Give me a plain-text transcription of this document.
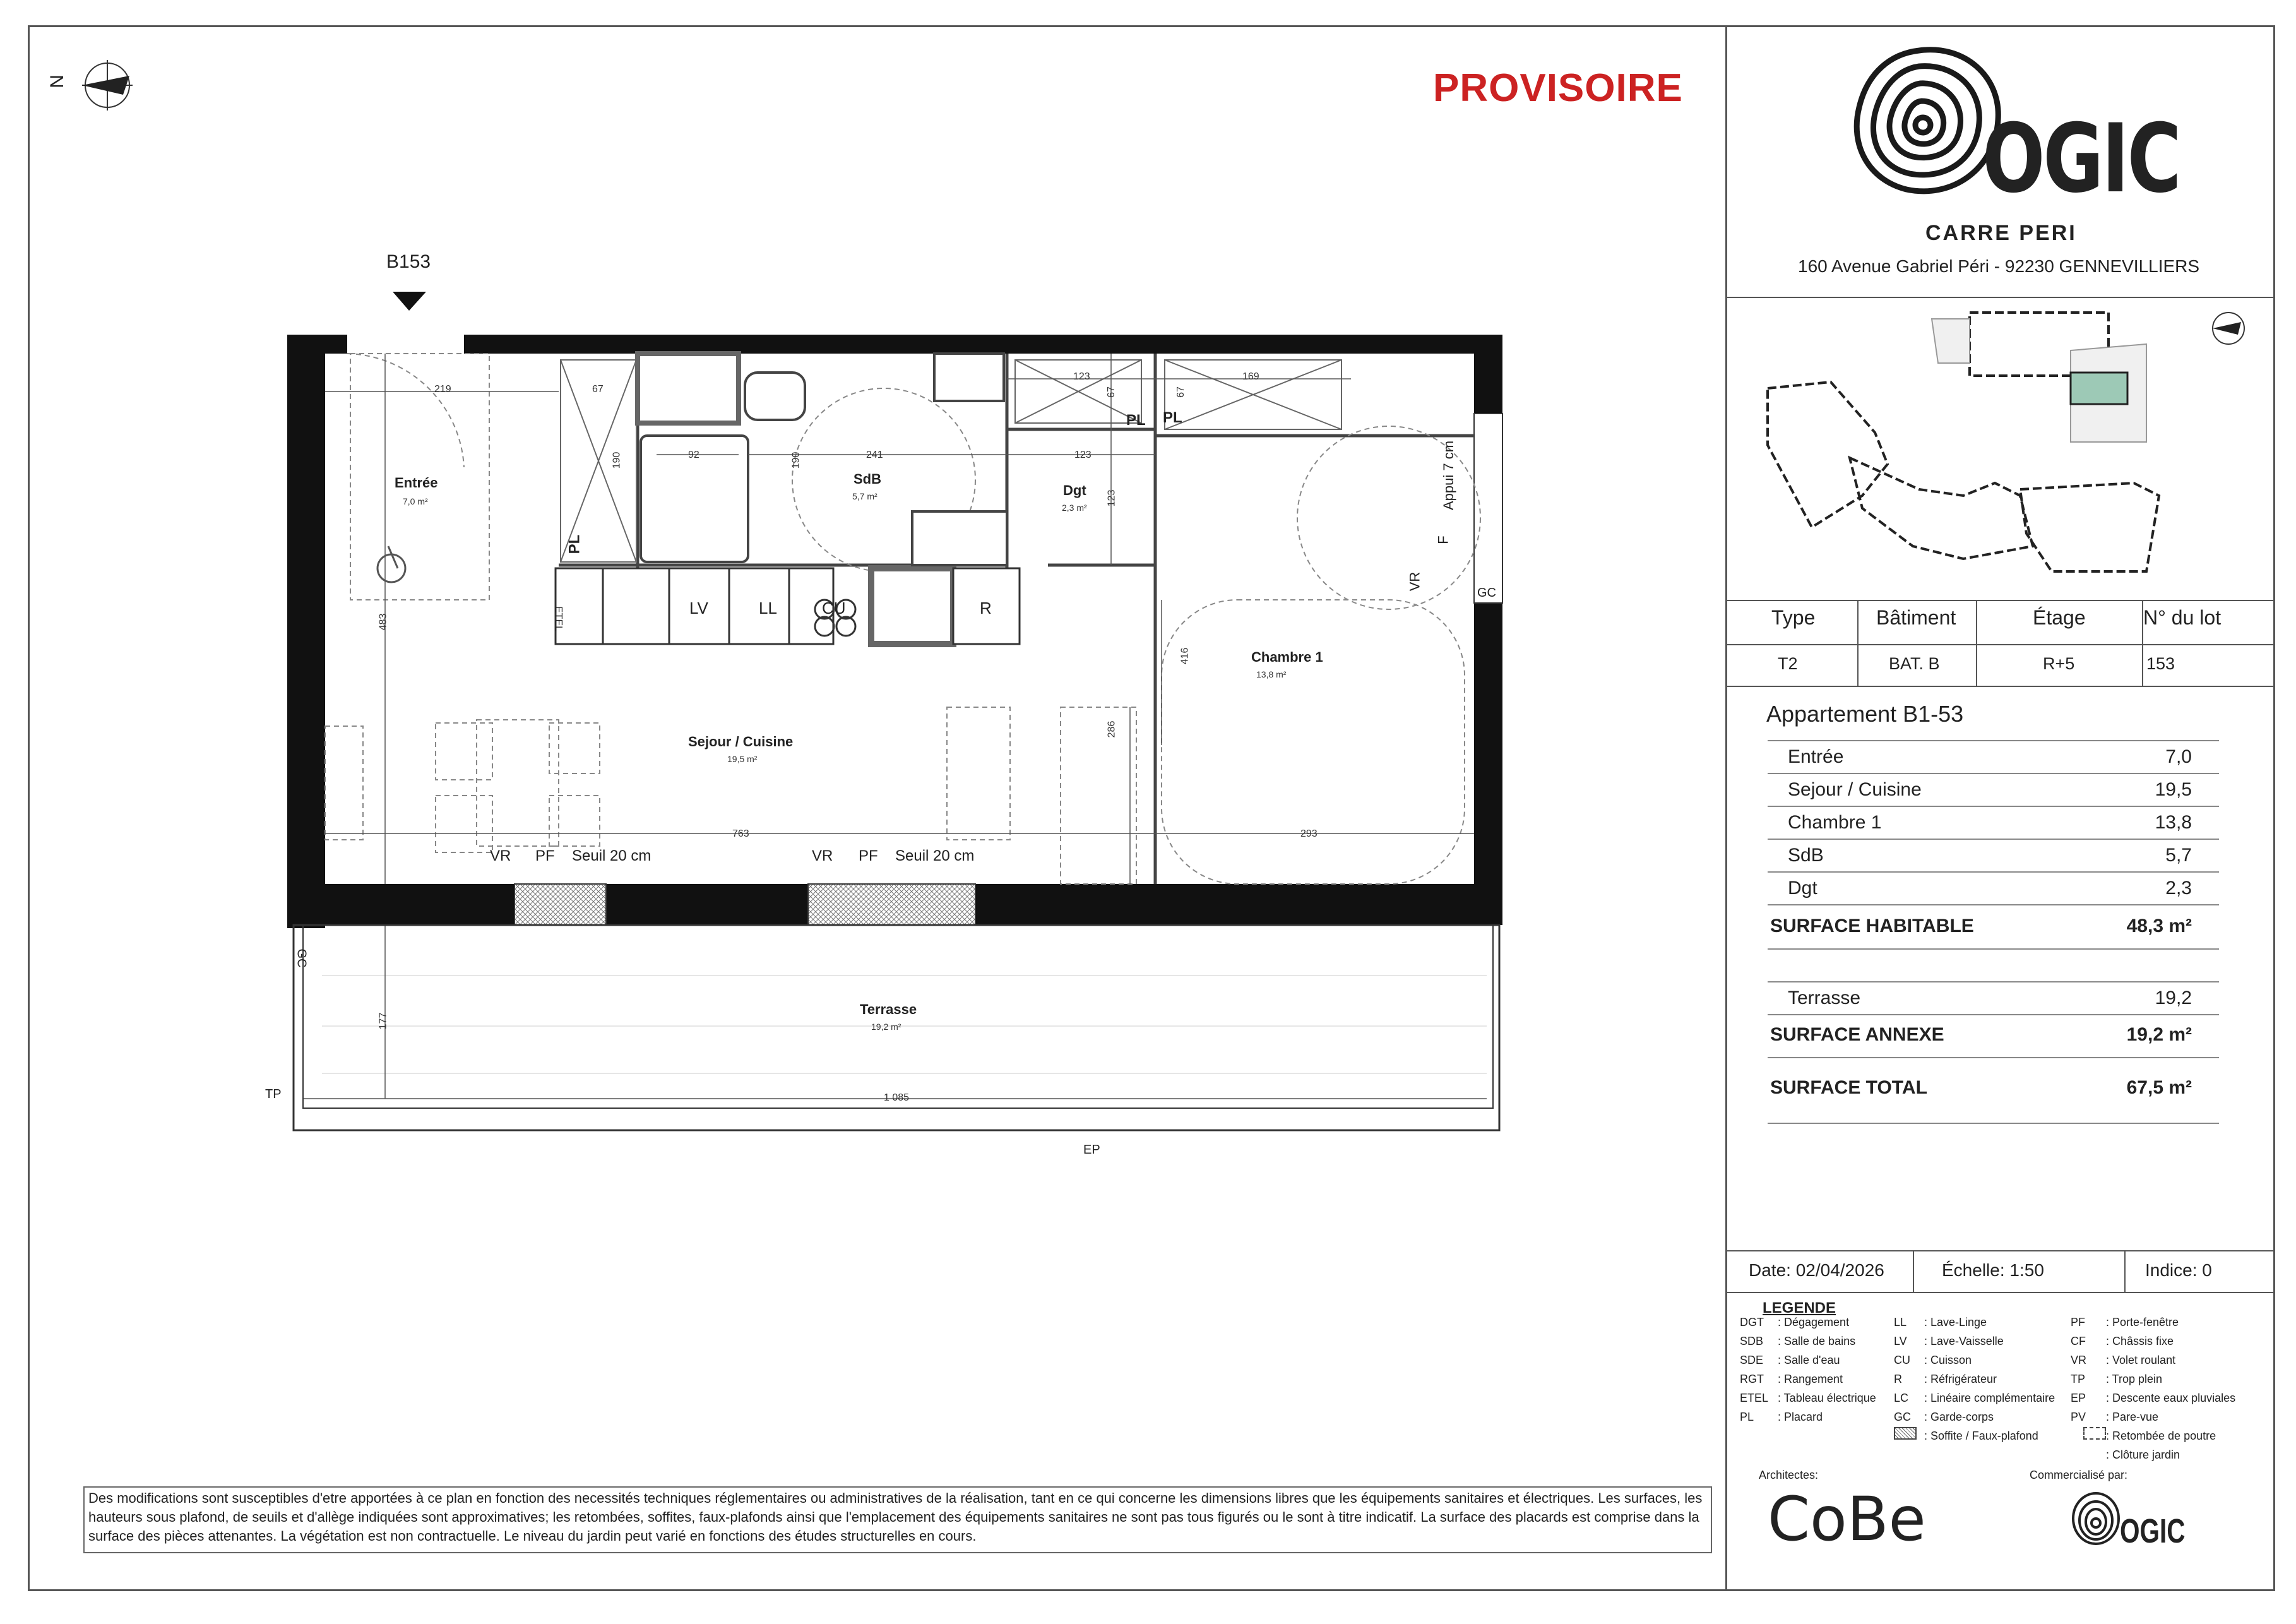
N	PROVISOIRE
OGIC
CARRE PERI
160 Avenue Gabriel Péri - 92230 GENNEVILLIERS
Type	Bâtiment	Étage	N° du lot
T2	BAT. B	R+5	153
Appartement B1-53
Entrée	7,0
Sejour / Cuisine	19,5
Chambre 1	13,8
SdB	5,7
Dgt	2,3
SURFACE HABITABLE	48,3 m²
Terrasse	19,2
SURFACE ANNEXE	19,2 m²
SURFACE TOTAL	67,5 m²
Date: 02/04/2026	Échelle: 1:50	Indice: 0
LEGENDE
DGT : Dégagement
SDB : Salle de bains
SDE : Salle d'eau
RGT : Rangement
ETEL : Tableau électrique
PL : Placard
LL : Lave-Linge
LV : Lave-Vaisselle
CU : Cuisson
R : Réfrigérateur
LC : Linéaire complémentaire
GC : Garde-corps
: Soffite / Faux-plafond
PF : Porte-fenêtre
CF : Châssis fixe
VR : Volet roulant
TP : Trop plein
EP : Descente eaux pluviales
PV : Pare-vue
: Retombée de poutre
: Clôture jardin
Architectes:
CoBe
Commercialisé par:
OGIC
Des modifications sont susceptibles d'etre apportées à ce plan en fonction des necessités techniques réglementaires ou administratives de la réalisation, tant en ce qui concerne les dimensions libres que les équipements sanitaires et électriques. Les surfaces, les hauteurs sous plafond, de seuils et d'allège indiquées sont approximatives; les retombées, soffites, faux-plafonds ainsi que l'emplacement des équipements sanitaires ne sont pas tous figurés ou le sont à titre indicatif. La surface des placards est comprise dans la surface des pièces attenantes. La végétation est non contractuelle. Le niveau du jardin peut varié en fonctions des études structurelles en cours.
B153
Entrée
7,0 m²
SdB
5,7 m²	Dgt
2,3 m²
Chambre 1
13,8 m²
Sejour / Cuisine
19,5 m²
Terrasse
19,2 m²
ETEL	LV	LL	CU	R
PL
PL PL
VR
F
GC
GC
TP
EP
Appui 7 cm
VR PF Seuil 20 cm	VR PF Seuil 20 cm
219	67
123
67	67
169
92	241	123
190	190
123
483
416
286
763	293
177
1 085
